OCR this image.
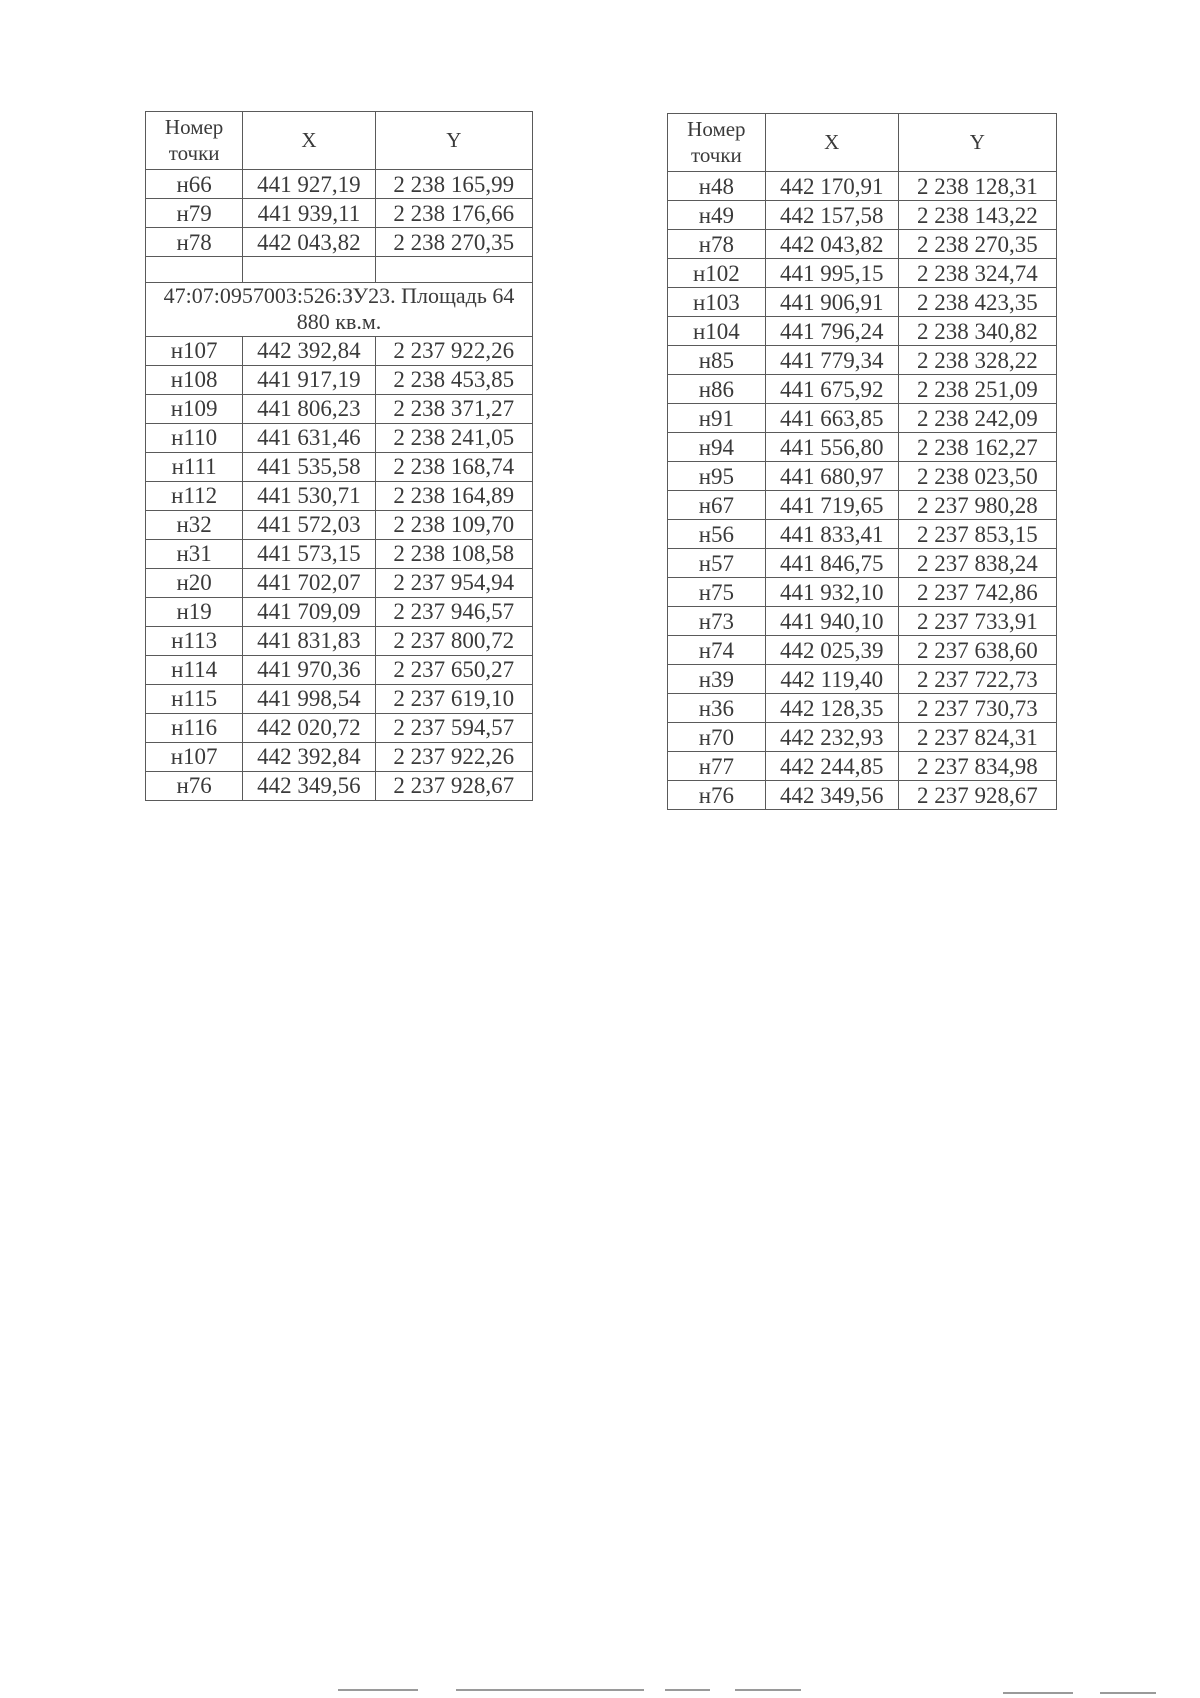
Номер точки	X	Y
н66	441 927,19	2 238 165,99
н79	441 939,11	2 238 176,66
н78	442 043,82	2 238 270,35

47:07:0957003:526:ЗУ23. Площадь 64 880 кв.м.		
н107	442 392,84	2 237 922,26
н108	441 917,19	2 238 453,85
н109	441 806,23	2 238 371,27
н110	441 631,46	2 238 241,05
н111	441 535,58	2 238 168,74
н112	441 530,71	2 238 164,89
н32	441 572,03	2 238 109,70
н31	441 573,15	2 238 108,58
н20	441 702,07	2 237 954,94
н19	441 709,09	2 237 946,57
н113	441 831,83	2 237 800,72
н114	441 970,36	2 237 650,27
н115	441 998,54	2 237 619,10
н116	442 020,72	2 237 594,57
н107	442 392,84	2 237 922,26
н76	442 349,56	2 237 928,67
Номер точки	X	Y
н48	442 170,91	2 238 128,31
н49	442 157,58	2 238 143,22
н78	442 043,82	2 238 270,35
н102	441 995,15	2 238 324,74
н103	441 906,91	2 238 423,35
н104	441 796,24	2 238 340,82
н85	441 779,34	2 238 328,22
н86	441 675,92	2 238 251,09
н91	441 663,85	2 238 242,09
н94	441 556,80	2 238 162,27
н95	441 680,97	2 238 023,50
н67	441 719,65	2 237 980,28
н56	441 833,41	2 237 853,15
н57	441 846,75	2 237 838,24
н75	441 932,10	2 237 742,86
н73	441 940,10	2 237 733,91
н74	442 025,39	2 237 638,60
н39	442 119,40	2 237 722,73
н36	442 128,35	2 237 730,73
н70	442 232,93	2 237 824,31
н77	442 244,85	2 237 834,98
н76	442 349,56	2 237 928,67
